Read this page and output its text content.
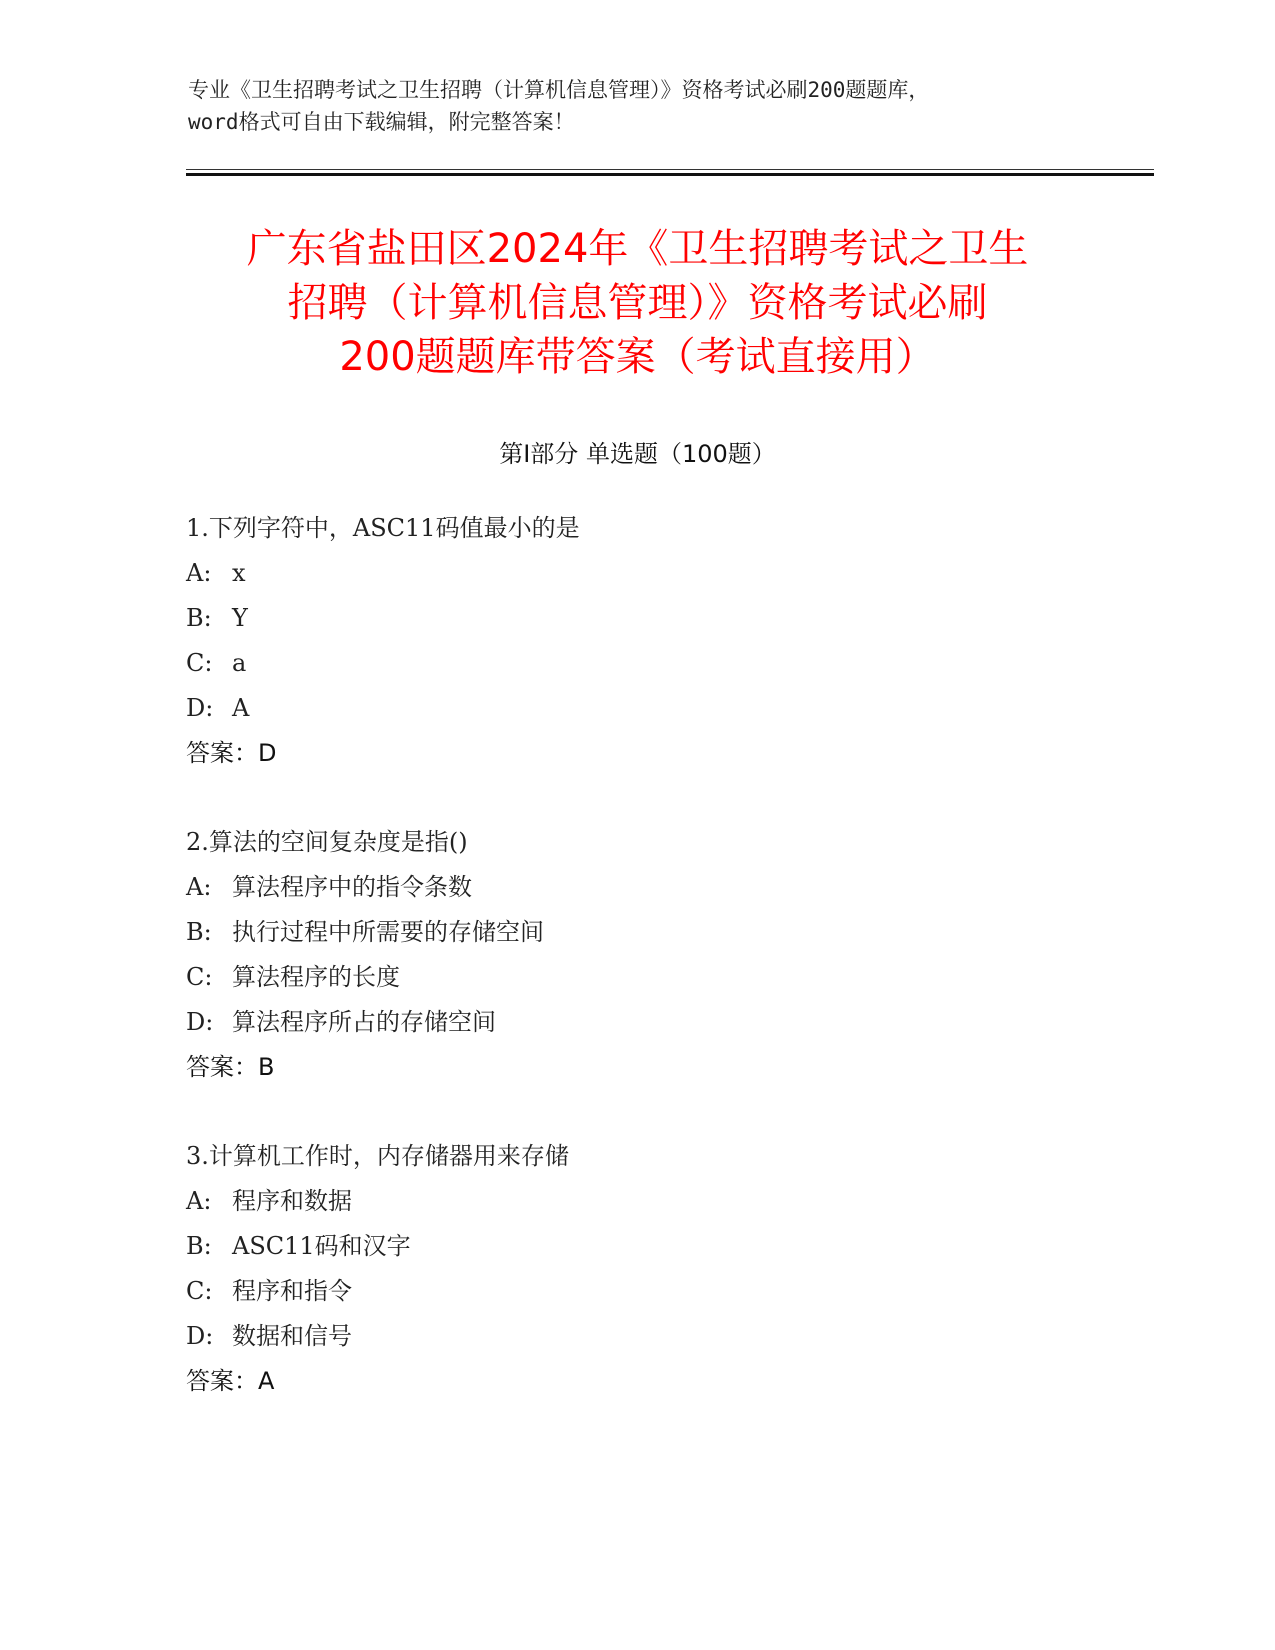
专业《卫生招聘考试之卫生招聘（计算机信息管理）》资格考试必刷200题题库，
word格式可自由下载编辑，附完整答案！
广东省盐田区2024年《卫生招聘考试之卫生
招聘（计算机信息管理）》资格考试必刷
200题题库带答案（考试直接用）
第Ⅰ部分 单选题（100题）
1.下列字符中，ASC11码值最小的是
A: x
B: Y
C: a
D: A
答案：D
2.算法的空间复杂度是指()
A: 算法程序中的指令条数
B: 执行过程中所需要的存储空间
C: 算法程序的长度
D: 算法程序所占的存储空间
答案：B
3.计算机工作时，内存储器用来存储
A: 程序和数据
B: ASC11码和汉字
C: 程序和指令
D: 数据和信号
答案：A
